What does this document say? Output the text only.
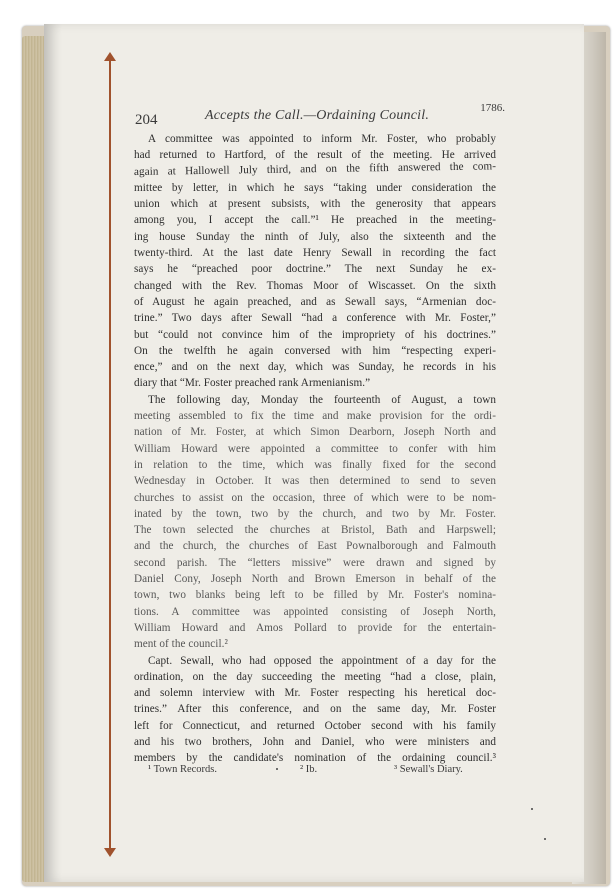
204	Accepts the Call.—Ordaining Council.	1786.
A committee was appointed to inform Mr. Foster, who probably
had returned to Hartford, of the result of the meeting. He arrived
again at Hallowell July third, and on the fifth answered the com-
mittee by letter, in which he says “taking under consideration the
union which at present subsists, with the generosity that appears
among you, I accept the call.”¹ He preached in the meeting-
ing house Sunday the ninth of July, also the sixteenth and the
twenty-third. At the last date Henry Sewall in recording the fact
says he “preached poor doctrine.” The next Sunday he ex-
changed with the Rev. Thomas Moor of Wiscasset. On the sixth
of August he again preached, and as Sewall says, “Armenian doc-
trine.” Two days after Sewall “had a conference with Mr. Foster,”
but “could not convince him of the impropriety of his doctrines.”
On the twelfth he again conversed with him “respecting experi-
ence,” and on the next day, which was Sunday, he records in his
diary that “Mr. Foster preached rank Armenianism.”
The following day, Monday the fourteenth of August, a town
meeting assembled to fix the time and make provision for the ordi-
nation of Mr. Foster, at which Simon Dearborn, Joseph North and
William Howard were appointed a committee to confer with him
in relation to the time, which was finally fixed for the second
Wednesday in October. It was then determined to send to seven
churches to assist on the occasion, three of which were to be nom-
inated by the town, two by the church, and two by Mr. Foster.
The town selected the churches at Bristol, Bath and Harpswell;
and the church, the churches of East Pownalborough and Falmouth
second parish. The “letters missive” were drawn and signed by
Daniel Cony, Joseph North and Brown Emerson in behalf of the
town, two blanks being left to be filled by Mr. Foster's nomina-
tions. A committee was appointed consisting of Joseph North,
William Howard and Amos Pollard to provide for the entertain-
ment of the council.²
Capt. Sewall, who had opposed the appointment of a day for the
ordination, on the day succeeding the meeting “had a close, plain,
and solemn interview with Mr. Foster respecting his heretical doc-
trines.” After this conference, and on the same day, Mr. Foster
left for Connecticut, and returned October second with his family
and his two brothers, John and Daniel, who were ministers and
members by the candidate's nomination of the ordaining council.³
¹ Town Records.	² Ib.	³ Sewall's Diary.
